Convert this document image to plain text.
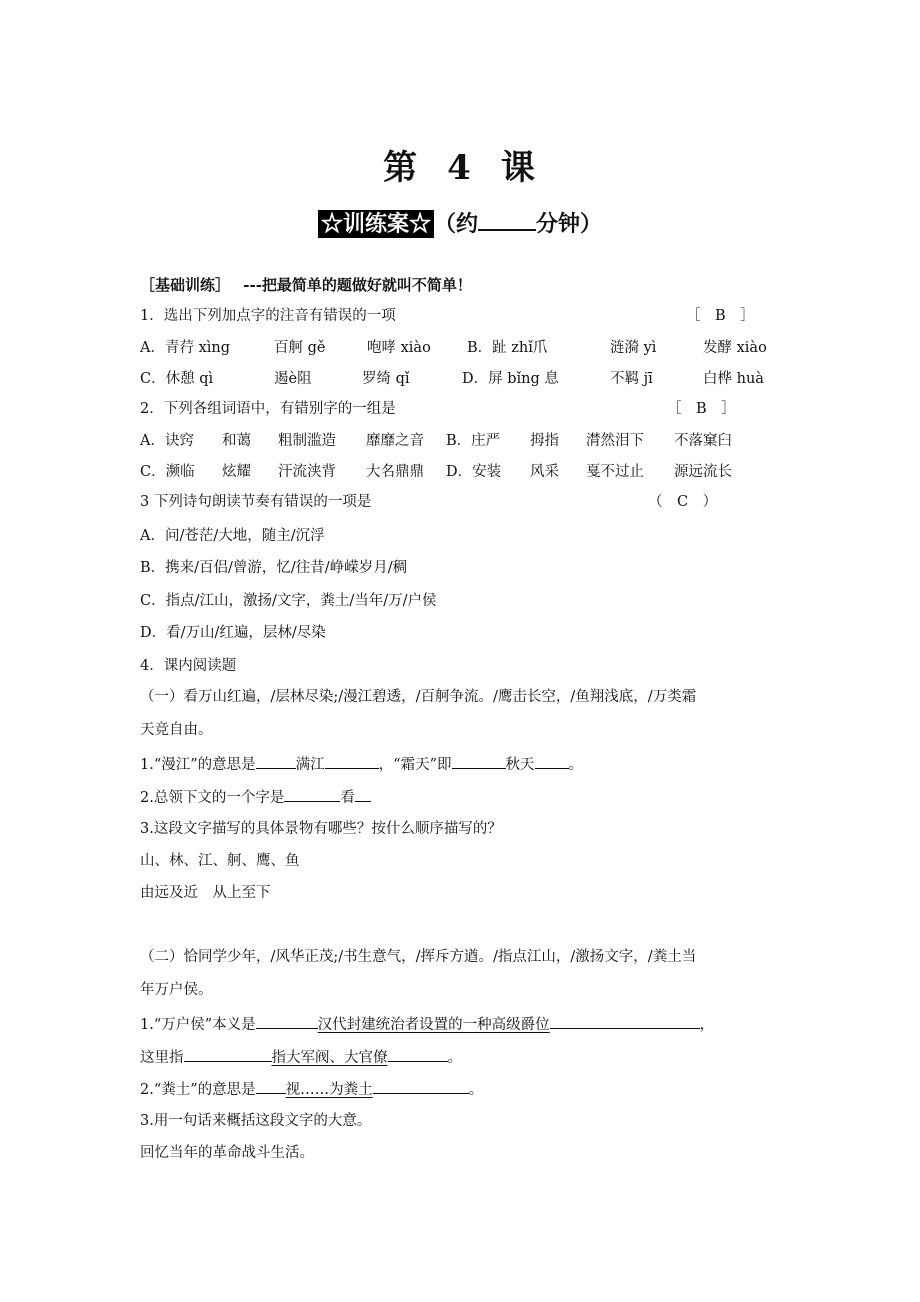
第 4 课
☆训练案☆ （约	分钟）
［基础训练］ ---把最简单的题做好就叫不简单！
1．选出下列加点字的注音有错误的一项	［　B　］
A．青荇 xìng	百舸 gě	咆哮 xiào B．趾 zhǐ爪	涟漪 yì	发酵 xiào
C．休憩 qì	遏è阻	罗绮 qǐ	D．屏 bǐng 息	不羁 jī	白桦 huà
2．下列各组词语中，有错别字的一组是	［　B　］
A．诀窍 和蔼 粗制滥造 靡靡之音 B．庄严 拇指 潸然泪下 不落窠臼
C．濒临 炫耀 汗流浃背 大名鼎鼎 D．安装 风采 戛不过止 源远流长
3 下列诗句朗读节奏有错误的一项是	（　C　）
A．问/苍茫/大地，随主/沉浮
B．携来/百侣/曾游，忆/往昔/峥嵘岁月/稠
C．指点/江山，激扬/文字，粪土/当年/万/户侯
D．看/万山/红遍，层林/尽染
4．课内阅读题
（一）看万山红遍，/层林尽染;/漫江碧透，/百舸争流。/鹰击长空，/鱼翔浅底，/万类霜
天竞自由。
1.“漫江”的意思是	满江	，“霜天”即	秋天 。
2.总领下文的一个字是	看
3.这段文字描写的具体景物有哪些？按什么顺序描写的？
山、林、江、舸、鹰、鱼
由远及近　从上至下
（二）恰同学少年，/风华正茂;/书生意气，/挥斥方遒。/指点江山，/激扬文字，/粪土当
年万户侯。
1.“万户侯”本义是	汉代封建统治者设置的一种高级爵位	，
这里指	指大军阀、大官僚	。
2.“粪土”的意思是 视……为粪土	。
3.用一句话来概括这段文字的大意。
回忆当年的革命战斗生活。
